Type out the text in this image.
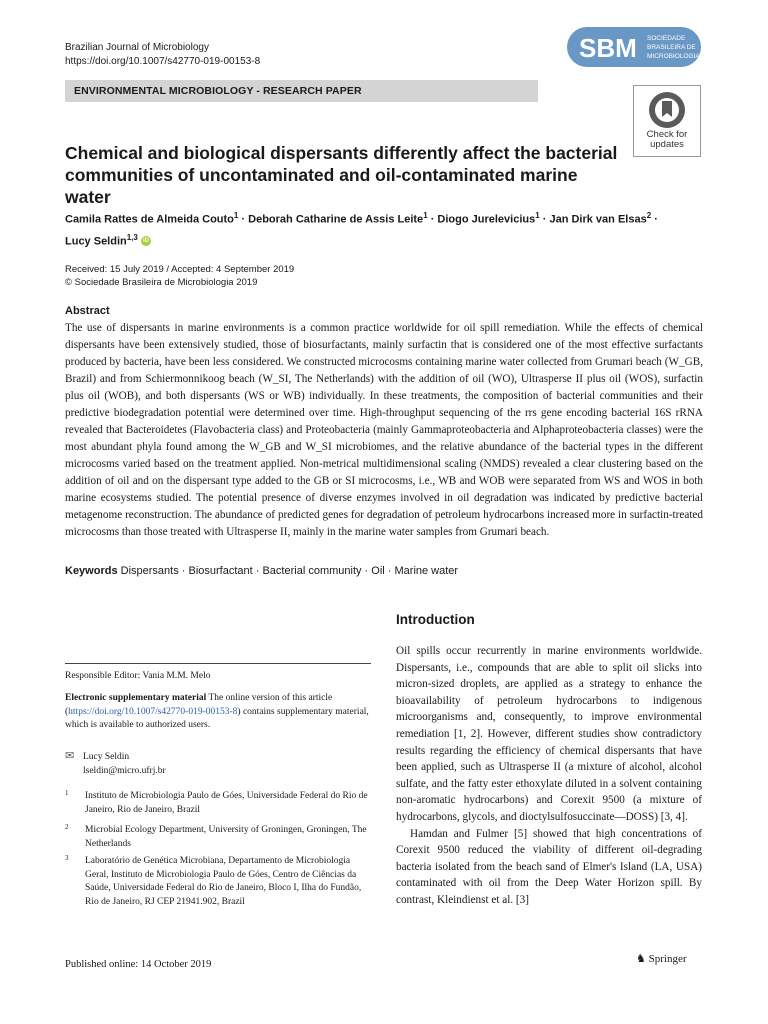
Brazilian Journal of Microbiology
https://doi.org/10.1007/s42770-019-00153-8	SBM SOCIEDADE
BRASILEIRA DE
MICROBIOLOGIA
ENVIRONMENTAL MICROBIOLOGY - RESEARCH PAPER
Check for
updates
Chemical and biological dispersants differently affect the bacterial communities of uncontaminated and oil-contaminated marine water
Camila Rattes de Almeida Couto$^1$ · Deborah Catharine de Assis Leite$^1$ · Diogo Jurelevicius$^1$ · Jan Dirk van Elsas$^2$ ·
Lucy Seldin$^{1,3}$ iD
Received: 15 July 2019 / Accepted: 4 September 2019
© Sociedade Brasileira de Microbiologia 2019
Abstract
The use of dispersants in marine environments is a common practice worldwide for oil spill remediation. While the effects of chemical dispersants have been extensively studied, those of biosurfactants, mainly surfactin that is considered one of the most effective surfactants produced by bacteria, have been less considered. We constructed microcosms containing marine water collected from Grumari beach (W_GB, Brazil) and from Schiermonnikoog beach (W_SI, The Netherlands) with the addition of oil (WO), Ultrasperse II plus oil (WOS), surfactin plus oil (WOB), and both dispersants (WS or WB) individually. In these treatments, the composition of bacterial communities and their predictive biodegradation potential were determined over time. High-throughput sequencing of the rrs gene encoding bacterial 16S rRNA revealed that Bacteroidetes (Flavobacteria class) and Proteobacteria (mainly Gammaproteobacteria and Alphaproteobacteria classes) were the most abundant phyla found among the W_GB and W_SI microbiomes, and the relative abundance of the bacterial types in the different microcosms varied based on the treatment applied. Non-metrical multidimensional scaling (NMDS) revealed a clear clustering based on the addition of oil and on the dispersant type added to the GB or SI microcosms, i.e., WB and WOB were separated from WS and WOS in both marine ecosystems studied. The potential presence of diverse enzymes involved in oil degradation was indicated by predictive bacterial metagenome reconstruction. The abundance of predicted genes for degradation of petroleum hydrocarbons increased more in surfactin-treated microcosms than those treated with Ultrasperse II, mainly in the marine water samples from Grumari beach.
Keywords Dispersants · Biosurfactant · Bacterial community · Oil · Marine water
Introduction

Oil spills occur recurrently in marine environments worldwide. Dispersants, i.e., compounds that are able to split oil slicks into micron-sized droplets, are applied as a strategy to enhance the bioavailability of petroleum hydrocarbons to indigenous microorganisms and, consequently, to improve environmental remediation [1, 2]. However, different studies show contradictory results regarding the efficiency of chemical dispersants that have been applied, such as Ultrasperse II (a mixture of alcohol, alcohol sulfate, and the fatty ester ethoxylate diluted in a solvent containing non-aromatic hydrocarbons) and Corexit 9500 (a mixture of hydrocarbons, glycols, and dioctylsulfosuccinate—DOSS) [3, 4].

Hamdan and Fulmer [5] showed that high concentrations of Corexit 9500 reduced the viability of different oil-degrading bacteria isolated from the beach sand of Elmer's Island (LA, USA) contaminated with oil from the Deep Water Horizon spill. By contrast, Kleindienst et al. [3]

Responsible Editor: Vania M.M. Melo
Electronic supplementary material The online version of this article (https://doi.org/10.1007/s42770-019-00153-8) contains supplementary material, which is available to authorized users.
✉ Lucy Seldin
lseldin@micro.ufrj.br
1 Instituto de Microbiologia Paulo de Góes, Universidade Federal do Rio de Janeiro, Rio de Janeiro, Brazil
2 Microbial Ecology Department, University of Groningen, Groningen, The Netherlands
3 Laboratório de Genética Microbiana, Departamento de Microbiologia Geral, Instituto de Microbiologia Paulo de Góes, Centro de Ciências da Saúde, Universidade Federal do Rio de Janeiro, Bloco I, Ilha do Fundão, Rio de Janeiro, RJ CEP 21941.902, Brazil
Published online: 14 October 2019	♞ Springer
